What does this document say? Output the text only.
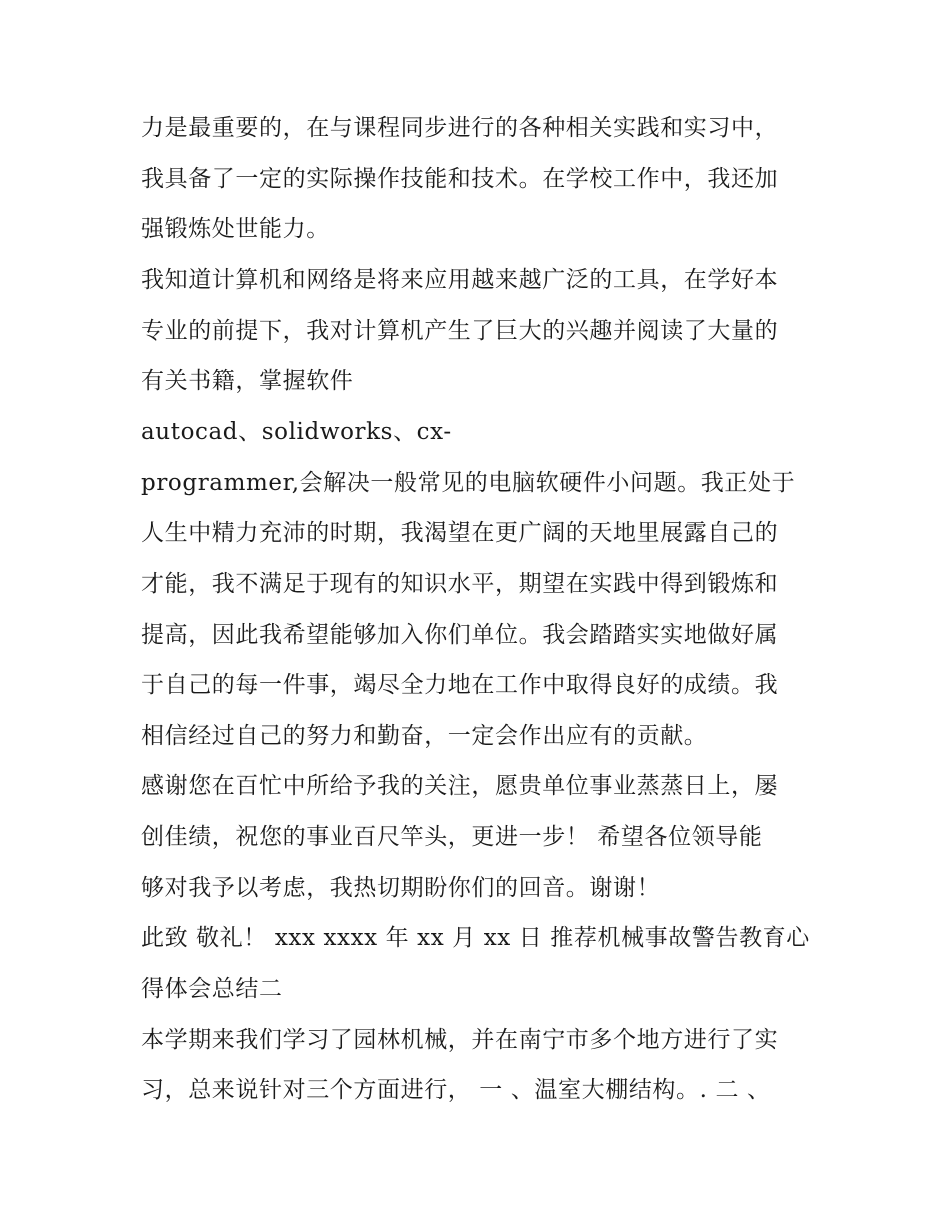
力是最重要的，在与课程同步进行的各种相关实践和实习中，
我具备了一定的实际操作技能和技术。在学校工作中，我还加
强锻炼处世能力。
我知道计算机和网络是将来应用越来越广泛的工具，在学好本
专业的前提下，我对计算机产生了巨大的兴趣并阅读了大量的
有关书籍，掌握软件
autocad、solidworks、cx-
programmer,会解决一般常见的电脑软硬件小问题。我正处于
人生中精力充沛的时期，我渴望在更广阔的天地里展露自己的
才能，我不满足于现有的知识水平，期望在实践中得到锻炼和
提高，因此我希望能够加入你们单位。我会踏踏实实地做好属
于自己的每一件事，竭尽全力地在工作中取得良好的成绩。我
相信经过自己的努力和勤奋，一定会作出应有的贡献。
感谢您在百忙中所给予我的关注，愿贵单位事业蒸蒸日上，屡
创佳绩，祝您的事业百尺竿头，更进一步！ 希望各位领导能
够对我予以考虑，我热切期盼你们的回音。谢谢！
此致 敬礼！ xxx xxxx 年 xx 月 xx 日 推荐机械事故警告教育心
得体会总结二
本学期来我们学习了园林机械，并在南宁市多个地方进行了实
习，总来说针对三个方面进行， 一 、温室大棚结构。. 二 、
